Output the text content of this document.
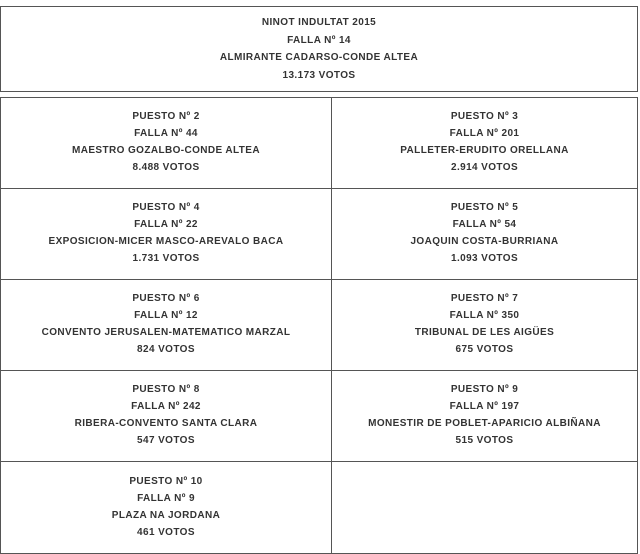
NINOT INDULTAT 2015
FALLA Nº 14
ALMIRANTE CADARSO-CONDE ALTEA
13.173 VOTOS
PUESTO Nº 2
FALLA Nº 44
MAESTRO GOZALBO-CONDE ALTEA
8.488 VOTOS
PUESTO Nº 3
FALLA Nº 201
PALLETER-ERUDITO ORELLANA
2.914 VOTOS
PUESTO Nº 4
FALLA Nº 22
EXPOSICION-MICER MASCO-AREVALO BACA
1.731 VOTOS
PUESTO Nº 5
FALLA Nº 54
JOAQUIN COSTA-BURRIANA
1.093 VOTOS
PUESTO Nº 6
FALLA Nº 12
CONVENTO JERUSALEN-MATEMATICO MARZAL
824 VOTOS
PUESTO Nº 7
FALLA Nº 350
TRIBUNAL DE LES AIGÜES
675 VOTOS
PUESTO Nº 8
FALLA Nº 242
RIBERA-CONVENTO SANTA CLARA
547 VOTOS
PUESTO Nº 9
FALLA Nº 197
MONESTIR DE POBLET-APARICIO ALBIÑANA
515 VOTOS
PUESTO Nº 10
FALLA Nº 9
PLAZA NA JORDANA
461 VOTOS
